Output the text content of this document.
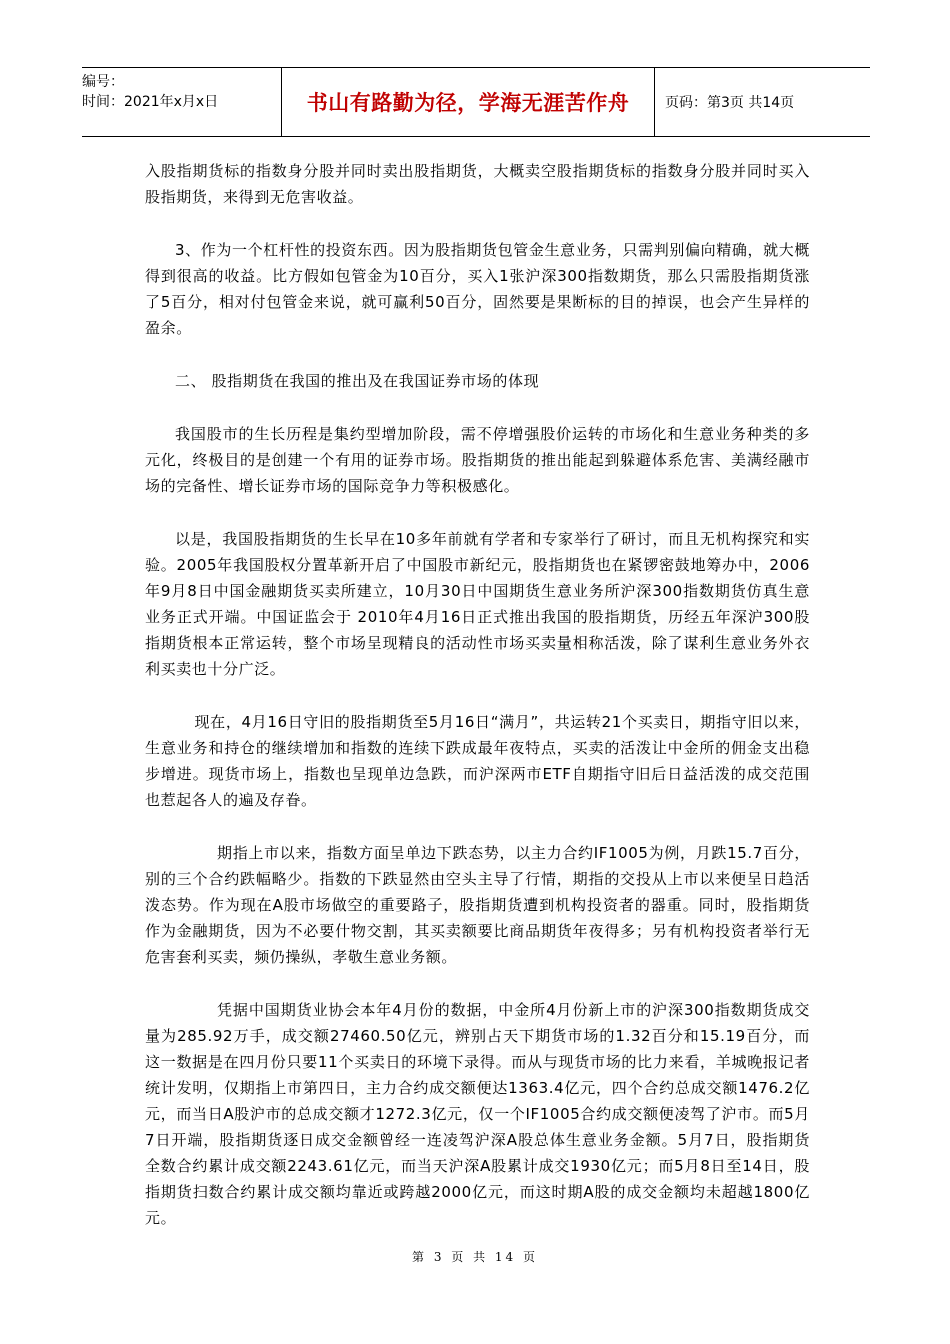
编号：
时间：2021年x月x日	书山有路勤为径，学海无涯苦作舟	页码：第3页 共14页

入股指期货标的指数身分股并同时卖出股指期货，大概卖空股指期货标的指数身分股并同时买入股指期货，来得到无危害收益。

3、作为一个杠杆性的投资东西。因为股指期货包管金生意业务，只需判别偏向精确，就大概得到很高的收益。比方假如包管金为10百分，买入1张沪深300指数期货，那么只需股指期货涨了5百分，相对付包管金来说，就可赢利50百分，固然要是果断标的目的掉误，也会产生异样的盈余。

二、 股指期货在我国的推出及在我国证券市场的体现

我国股市的生长历程是集约型增加阶段，需不停增强股价运转的市场化和生意业务种类的多元化，终极目的是创建一个有用的证券市场。股指期货的推出能起到躲避体系危害、美满经融市场的完备性、增长证券市场的国际竞争力等积极感化。

以是，我国股指期货的生长早在10多年前就有学者和专家举行了研讨，而且无机构探究和实验。2005年我国股权分置革新开启了中国股市新纪元，股指期货也在紧锣密鼓地筹办中，2006年9月8日中国金融期货买卖所建立，10月30日中国期货生意业务所沪深300指数期货仿真生意业务正式开端。中国证监会于 2010年4月16日正式推出我国的股指期货，历经五年深沪300股指期货根本正常运转，整个市场呈现精良的活动性市场买卖量相称活泼，除了谋利生意业务外衣利买卖也十分广泛。

现在，4月16日守旧的股指期货至5月16日“满月”，共运转21个买卖日，期指守旧以来，生意业务和持仓的继续增加和指数的连续下跌成最年夜特点，买卖的活泼让中金所的佣金支出稳步增进。现货市场上，指数也呈现单边急跌，而沪深两市ETF自期指守旧后日益活泼的成交范围也惹起各人的遍及存眷。

期指上市以来，指数方面呈单边下跌态势，以主力合约IF1005为例，月跌15.7百分，别的三个合约跌幅略少。指数的下跌显然由空头主导了行情，期指的交投从上市以来便呈日趋活泼态势。作为现在A股市场做空的重要路子，股指期货遭到机构投资者的器重。同时，股指期货作为金融期货，因为不必要什物交割，其买卖额要比商品期货年夜得多；另有机构投资者举行无危害套利买卖，频仍操纵，孝敬生意业务额。

凭据中国期货业协会本年4月份的数据，中金所4月份新上市的沪深300指数期货成交量为285.92万手，成交额27460.50亿元，辨别占天下期货市场的1.32百分和15.19百分，而这一数据是在四月份只要11个买卖日的环境下录得。而从与现货市场的比力来看，羊城晚报记者统计发明，仅期指上市第四日，主力合约成交额便达1363.4亿元，四个合约总成交额1476.2亿元，而当日A股沪市的总成交额才1272.3亿元，仅一个IF1005合约成交额便凌驾了沪市。而5月7日开端，股指期货逐日成交金额曾经一连凌驾沪深A股总体生意业务金额。5月7日，股指期货全数合约累计成交额2243.61亿元，而当天沪深A股累计成交1930亿元；而5月8日至14日，股指期货扫数合约累计成交额均靠近或跨越2000亿元，而这时期A股的成交金额均未超越1800亿元。

第 3 页 共 14 页
